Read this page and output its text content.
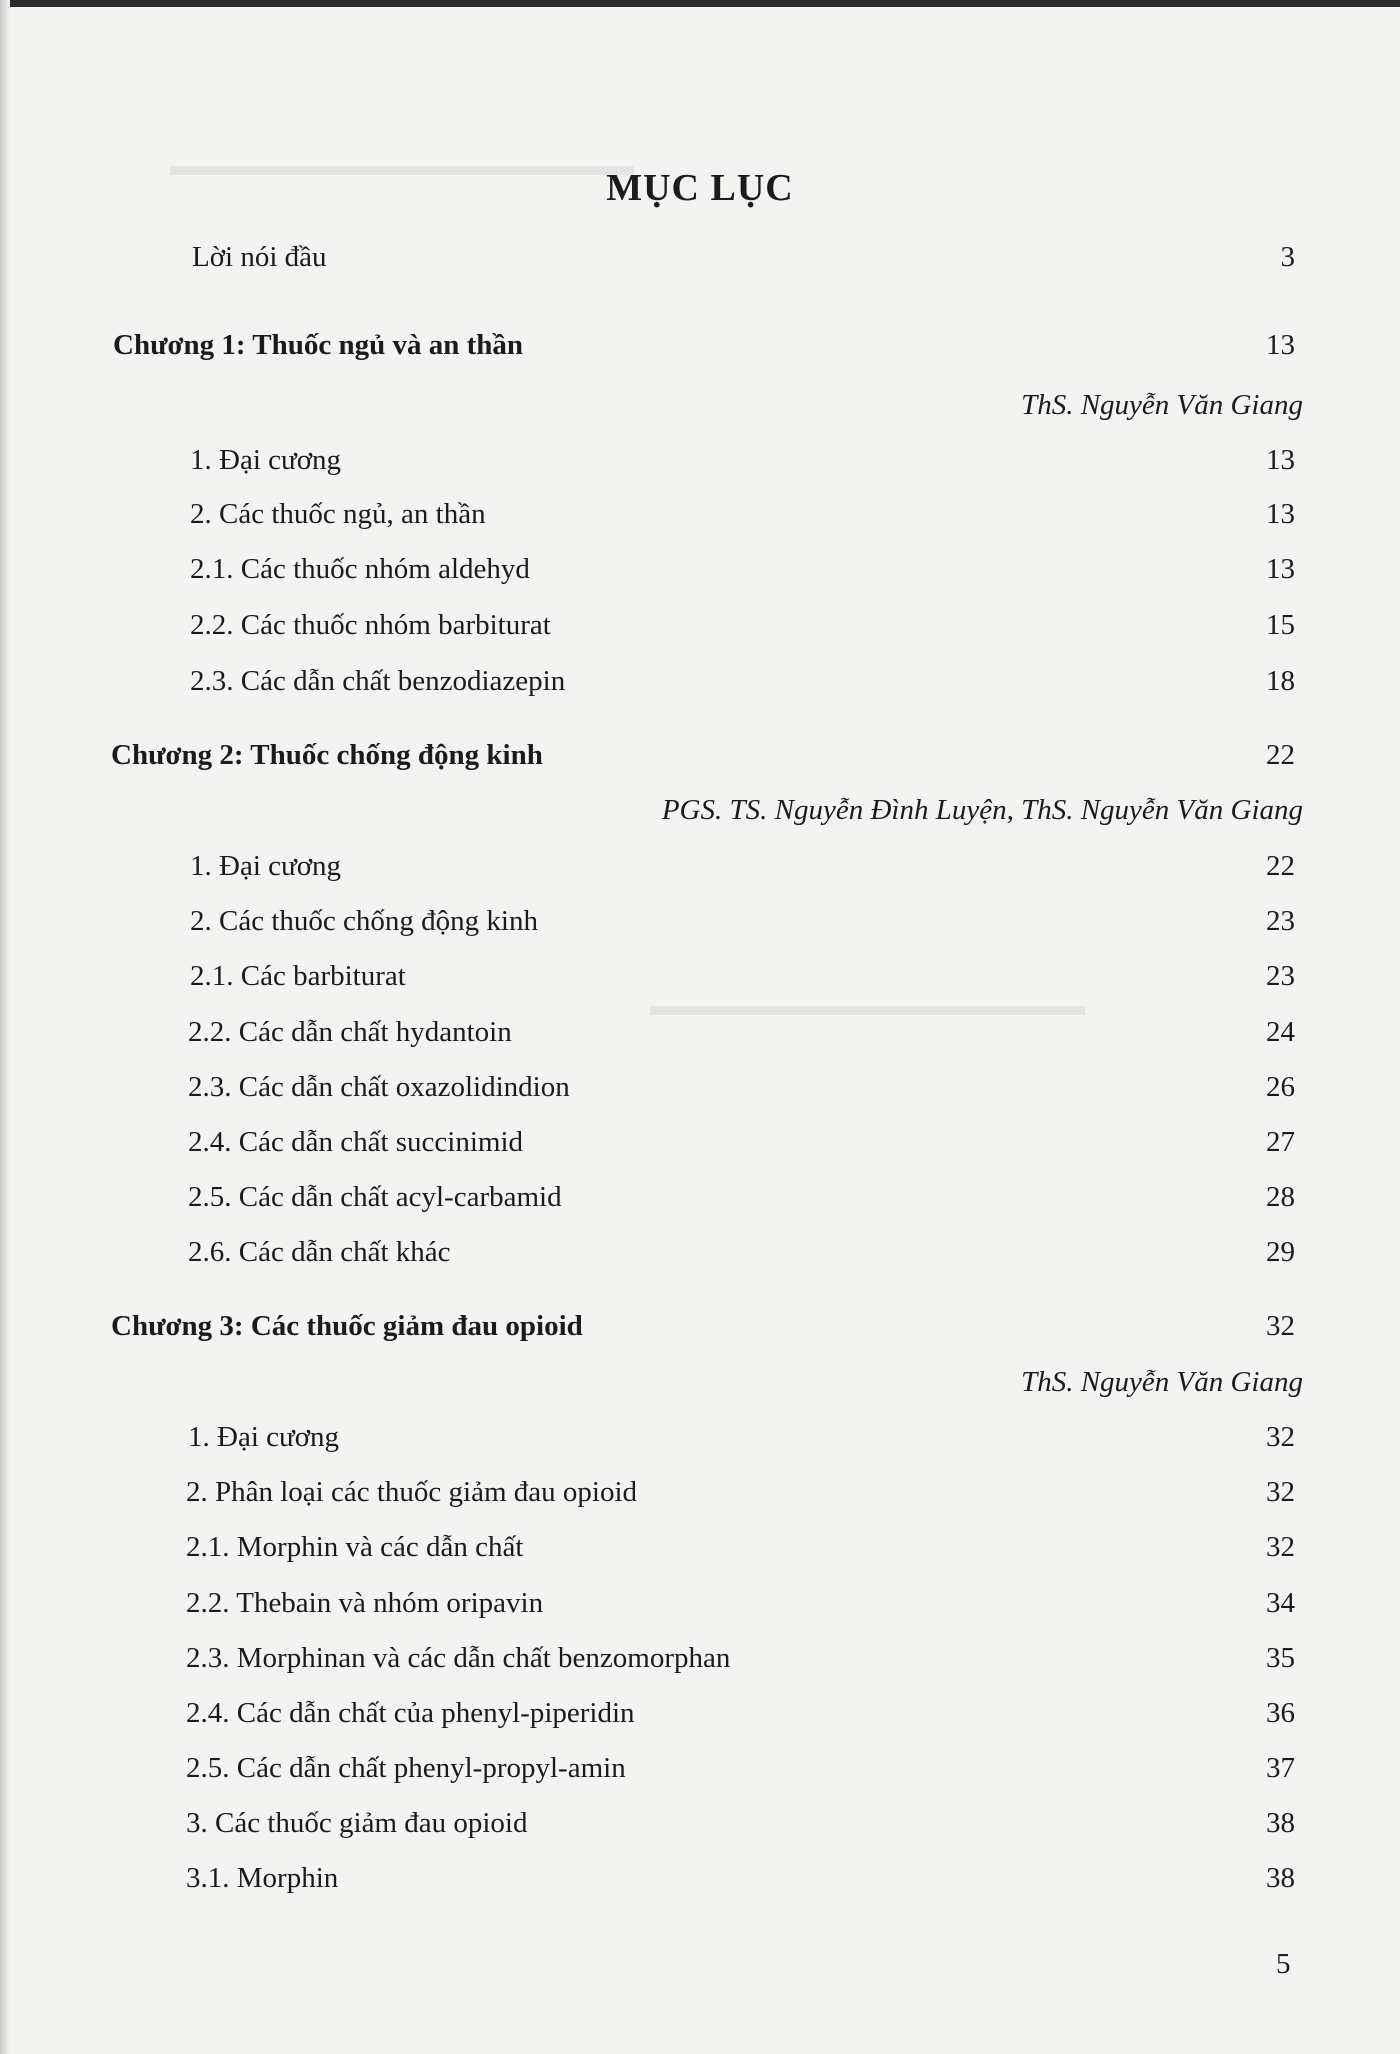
▬▬▬▬▬▬▬▬▬▬▬▬▬▬▬▬
▬▬▬▬▬▬▬▬▬▬▬▬▬▬▬
MỤC LỤC
Lời nói đầu	3
Chương 1: Thuốc ngủ và an thần	13
ThS. Nguyễn Văn Giang
1. Đại cương	13
2. Các thuốc ngủ, an thần	13
2.1. Các thuốc nhóm aldehyd	13
2.2. Các thuốc nhóm barbiturat	15
2.3. Các dẫn chất benzodiazepin	18
Chương 2: Thuốc chống động kinh	22
PGS. TS. Nguyễn Đình Luyện, ThS. Nguyễn Văn Giang
1. Đại cương	22
2. Các thuốc chống động kinh	23
2.1. Các barbiturat	23
2.2. Các dẫn chất hydantoin	24
2.3. Các dẫn chất oxazolidindion	26
2.4. Các dẫn chất succinimid	27
2.5. Các dẫn chất acyl-carbamid	28
2.6. Các dẫn chất khác	29
Chương 3: Các thuốc giảm đau opioid	32
ThS. Nguyễn Văn Giang
1. Đại cương	32
2. Phân loại các thuốc giảm đau opioid	32
2.1. Morphin và các dẫn chất	32
2.2. Thebain và nhóm oripavin	34
2.3. Morphinan và các dẫn chất benzomorphan	35
2.4. Các dẫn chất của phenyl-piperidin	36
2.5. Các dẫn chất phenyl-propyl-amin	37
3. Các thuốc giảm đau opioid	38
3.1. Morphin	38
5
